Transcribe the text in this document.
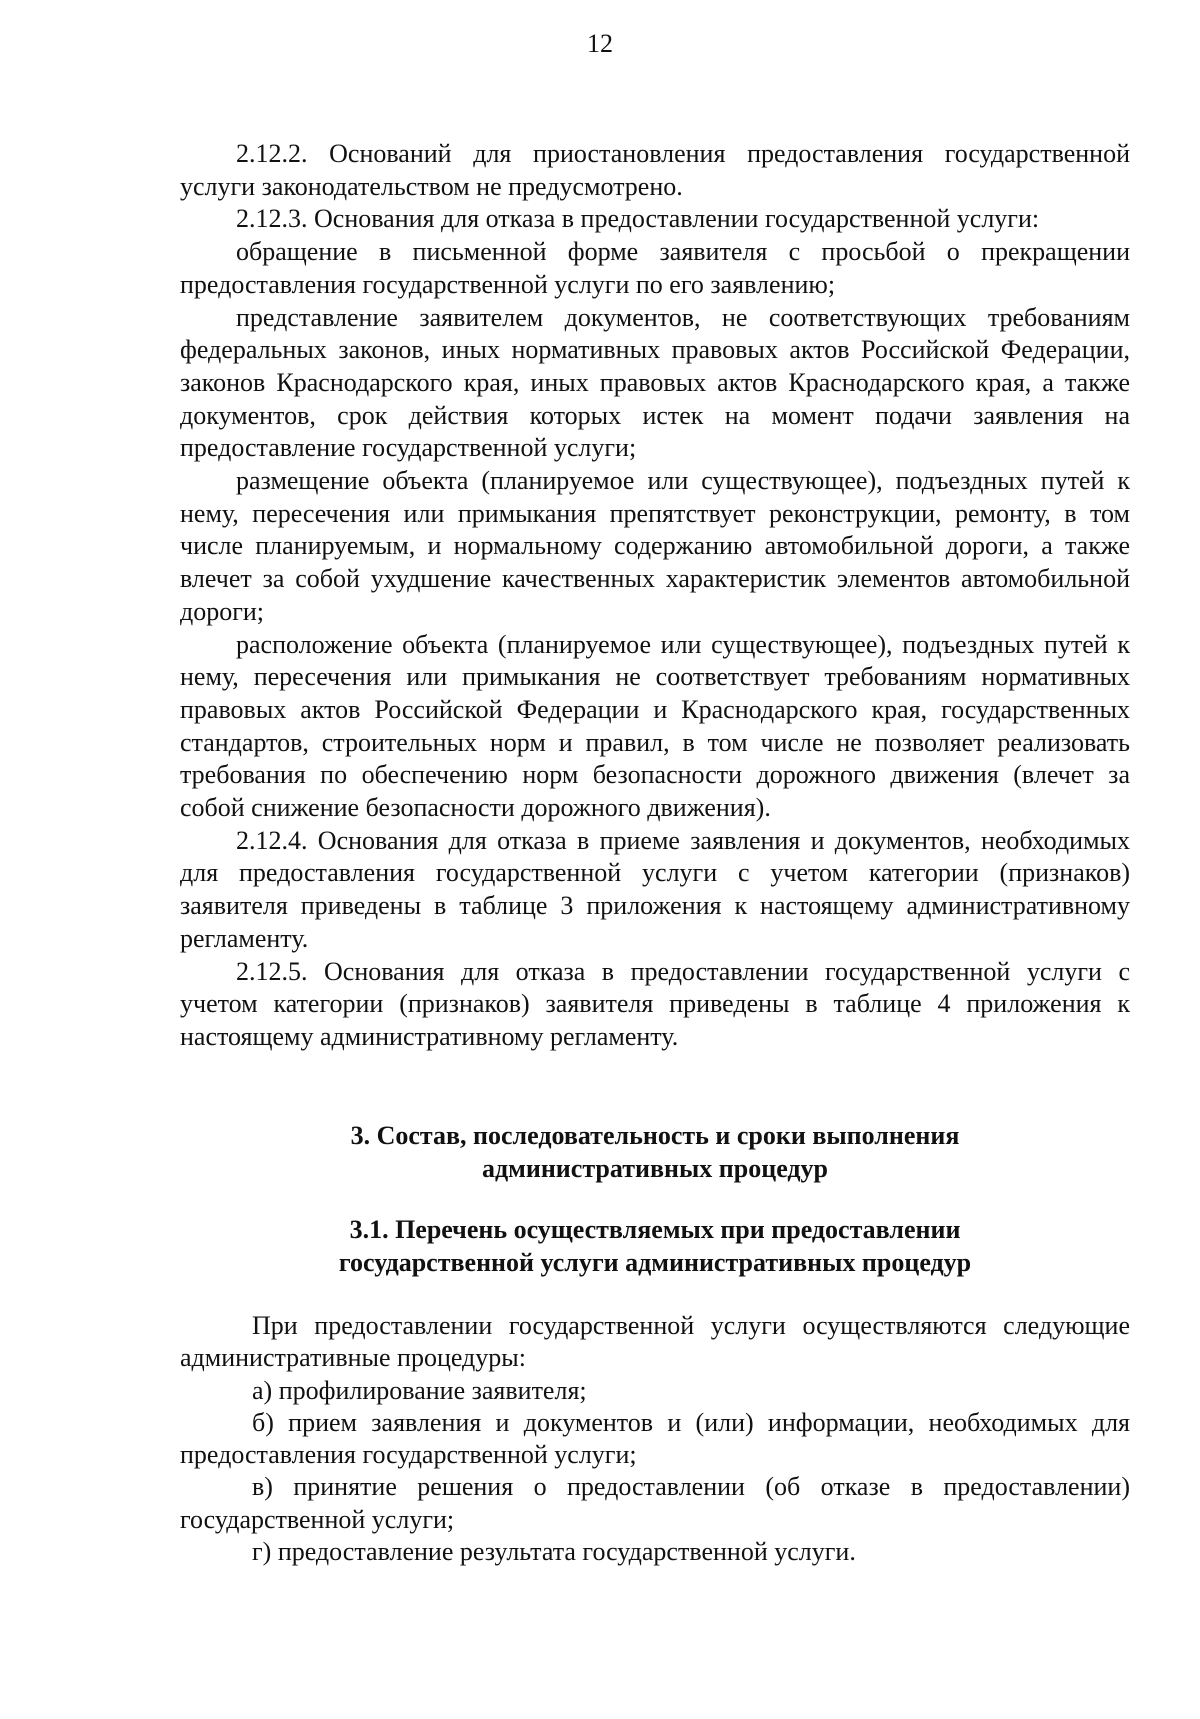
12

2.12.2. Оснований для приостановления предоставления государственной услуги законодательством не предусмотрено.

2.12.3. Основания для отказа в предоставлении государственной услуги:

обращение в письменной форме заявителя с просьбой о прекращении предоставления государственной услуги по его заявлению;

представление заявителем документов, не соответствующих требованиям федеральных законов, иных нормативных правовых актов Российской Федерации, законов Краснодарского края, иных правовых актов Краснодарского края, а также документов, срок действия которых истек на момент подачи заявления на предоставление государственной услуги;

размещение объекта (планируемое или существующее), подъездных путей к нему, пересечения или примыкания препятствует реконструкции, ремонту, в том числе планируемым, и нормальному содержанию автомобильной дороги, а также влечет за собой ухудшение качественных характеристик элементов автомобильной дороги;

расположение объекта (планируемое или существующее), подъездных путей к нему, пересечения или примыкания не соответствует требованиям нормативных правовых актов Российской Федерации и Краснодарского края, государственных стандартов, строительных норм и правил, в том числе не позволяет реализовать требования по обеспечению норм безопасности дорожного движения (влечет за собой снижение безопасности дорожного движения).

2.12.4. Основания для отказа в приеме заявления и документов, необходимых для предоставления государственной услуги с учетом категории (признаков) заявителя приведены в таблице 3 приложения к настоящему административному регламенту.

2.12.5. Основания для отказа в предоставлении государственной услуги с учетом категории (признаков) заявителя приведены в таблице 4 приложения к настоящему административному регламенту.

3. Состав, последовательность и сроки выполнения

административных процедур

3.1. Перечень осуществляемых при предоставлении

государственной услуги административных процедур

При предоставлении государственной услуги осуществляются следующие административные процедуры:

а) профилирование заявителя;

б) прием заявления и документов и (или) информации, необходимых для предоставления государственной услуги;

в) принятие решения о предоставлении (об отказе в предоставлении) государственной услуги;

г) предоставление результата государственной услуги.
